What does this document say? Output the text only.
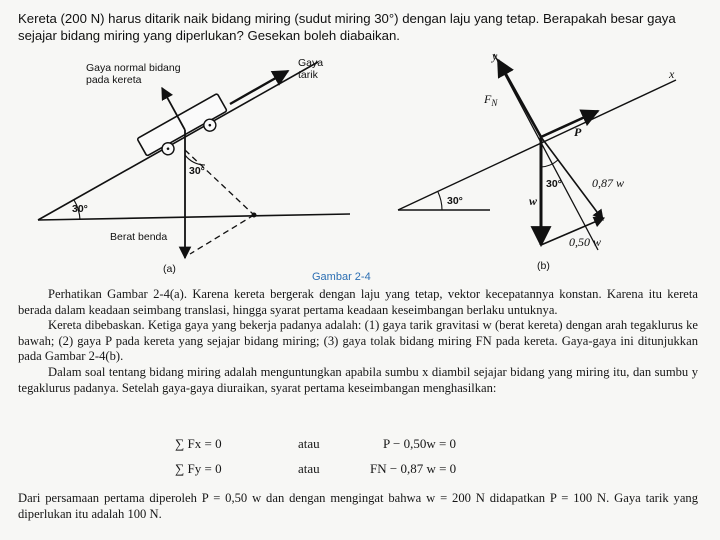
Kereta (200 N) harus ditarik naik bidang miring (sudut miring 30°) dengan laju yang tetap. Berapakah besar gaya sejajar bidang miring yang diperlukan? Gesekan boleh diabaikan.
30°
30°
Gaya normal bidang
pada kereta
Gaya
tarik
Berat benda
(a)
x
30°
y
$F_N$
P
w
30°	0,87 w
0,50 w
(b)
Gambar 2-4

Perhatikan Gambar 2-4(a). Karena kereta bergerak dengan laju yang tetap, vektor kecepatannya konstan. Karena itu kereta berada dalam keadaan seimbang translasi, hingga syarat pertama keadaan keseimbangan berlaku untuknya.

Kereta dibebaskan. Ketiga gaya yang bekerja padanya adalah: (1) gaya tarik gravitasi w (berat kereta) dengan arah tegaklurus ke bawah; (2) gaya P pada kereta yang sejajar bidang miring; (3) gaya tolak bidang miring FN pada kereta. Gaya-gaya ini ditunjukkan pada Gambar 2-4(b).

Dalam soal tentang bidang miring adalah menguntungkan apabila sumbu x diambil sejajar bidang yang miring itu, dan sumbu y tegaklurus padanya. Setelah gaya-gaya diuraikan, syarat pertama keseimbangan menghasilkan:

∑ Fx = 0	atau	P − 0,50w = 0
∑ Fy = 0	atau	FN − 0,87 w = 0
Dari persamaan pertama diperoleh P = 0,50 w dan dengan mengingat bahwa w = 200 N didapatkan P = 100 N. Gaya tarik yang diperlukan itu adalah 100 N.
